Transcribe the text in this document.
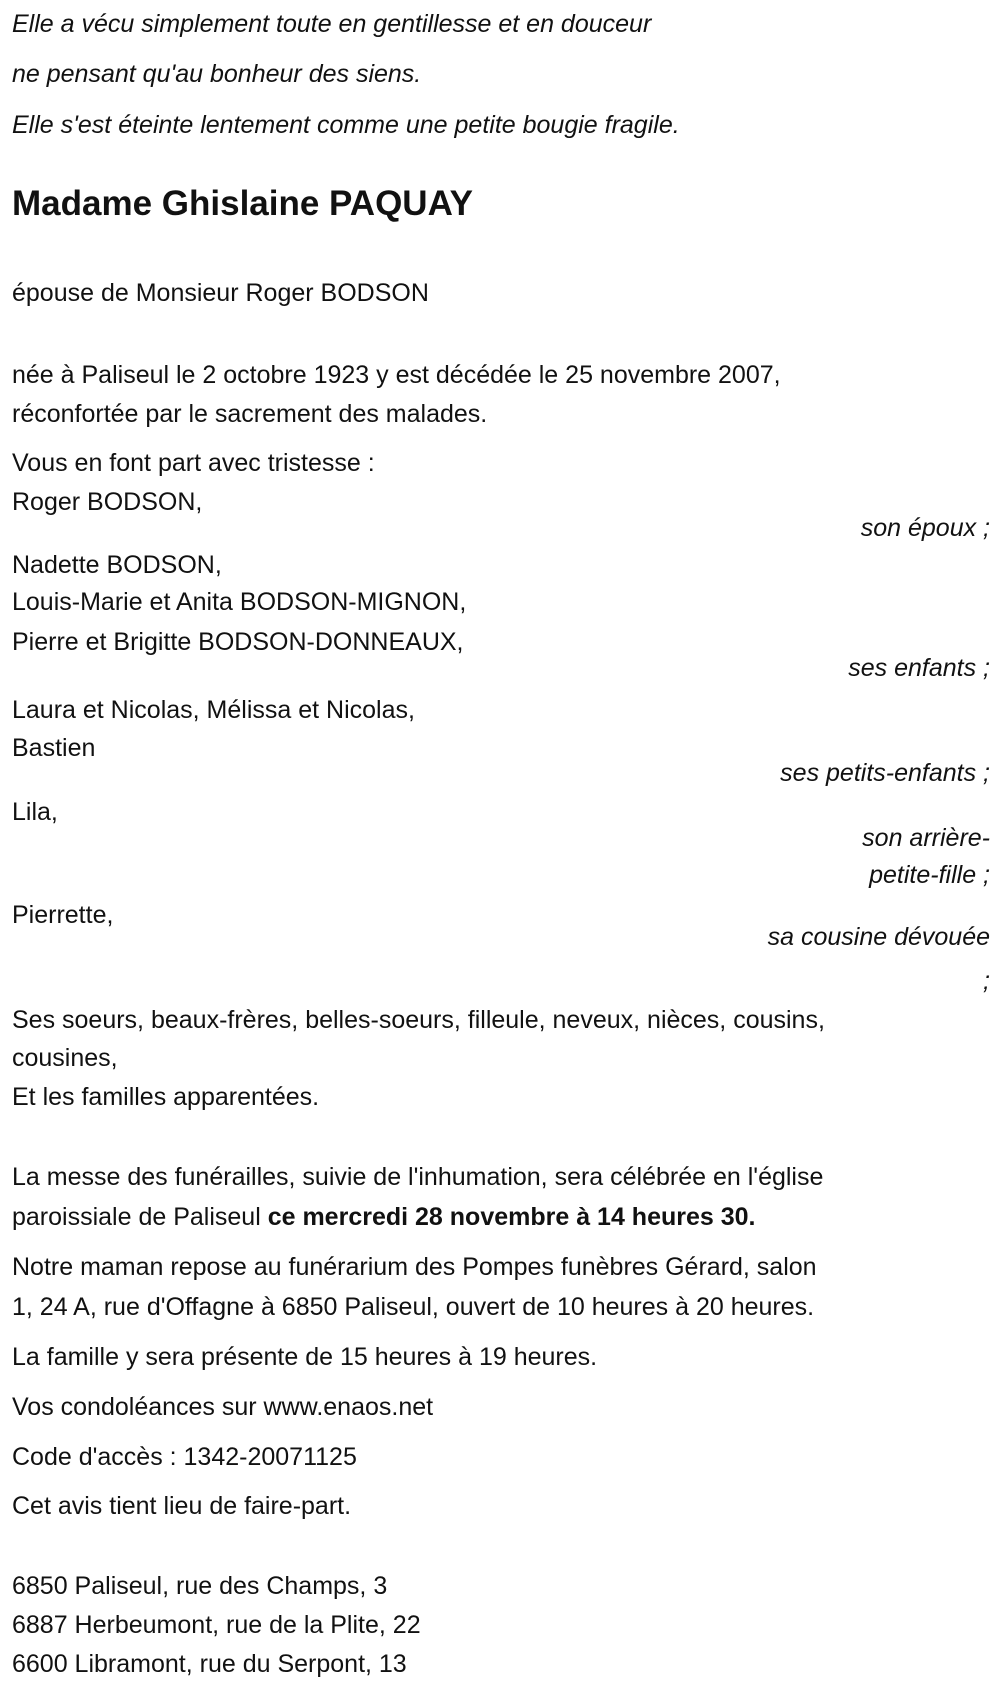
Elle a vécu simplement toute en gentillesse et en douceur
ne pensant qu'au bonheur des siens.
Elle s'est éteinte lentement comme une petite bougie fragile.
Madame Ghislaine PAQUAY
épouse de Monsieur Roger BODSON
née à Paliseul le 2 octobre 1923 y est décédée le 25 novembre 2007,
réconfortée par le sacrement des malades.
Vous en font part avec tristesse :
Roger BODSON,
son époux ;
Nadette BODSON,
Louis-Marie et Anita BODSON-MIGNON,
Pierre et Brigitte BODSON-DONNEAUX,
ses enfants ;
Laura et Nicolas, Mélissa et Nicolas,
Bastien
ses petits-enfants ;
Lila,
son arrière-
petite-fille ;
Pierrette,
sa cousine dévouée
;
Ses soeurs, beaux-frères, belles-soeurs, filleule, neveux, nièces, cousins,
cousines,
Et les familles apparentées.
La messe des funérailles, suivie de l'inhumation, sera célébrée en l'église
paroissiale de Paliseul ce mercredi 28 novembre à 14 heures 30.
Notre maman repose au funérarium des Pompes funèbres Gérard, salon
1, 24 A, rue d'Offagne à 6850 Paliseul, ouvert de 10 heures à 20 heures.
La famille y sera présente de 15 heures à 19 heures.
Vos condoléances sur www.enaos.net
Code d'accès : 1342-20071125
Cet avis tient lieu de faire-part.
6850 Paliseul, rue des Champs, 3
6887 Herbeumont, rue de la Plite, 22
6600 Libramont, rue du Serpont, 13
